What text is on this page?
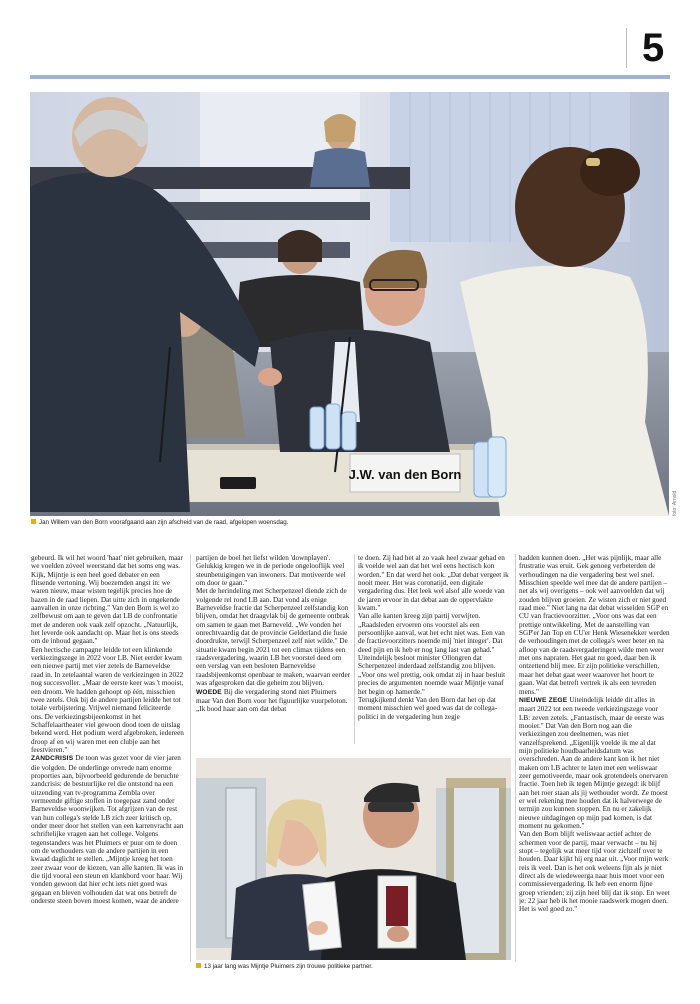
5
J.W. van den Born
foto: Arnold
Jan Willem van den Born voorafgaand aan zijn afscheid van de raad, afgelopen woensdag.

gebeurd. Ik wil het woord 'haat' niet gebruiken, maar we voelden zóveel weerstand dat het soms eng was. Kijk, Mijntje is een heel goed debater en een flitsende vertoning. Wij boezemden angst in: we waren nieuw, maar wisten tegelijk precies hoe de hazen in de raad liepen. Dat uitte zich in ongekende aanvallen in onze richting." Van den Born is wel zo zelfbewust om aan te geven dat LB de confrontatie met de anderen ook vaak zelf opzocht. „Natuurlijk, het leverde ook aandacht op. Maar het is ons steeds om de inhoud gegaan."

Een hectische campagne leidde tot een klinkende verkiezingszege in 2022 voor LB. Niet eerder kwam een nieuwe partij met vier zetels de Barneveldse raad in. In zetelaantal waren de verkiezingen in 2022 nog succesvoller. „Maar de eerste keer was 't mooist, een droom. We hadden gehoopt op één, misschien twee zetels. Ook bij de andere partijen leidde het tot totale verbijstering. Vrijwel niemand feliciteerde ons. De verkiezingsbijeenkomst in het Schaffelaartheater viel gewoon dood toen de uitslag bekend werd. Het podium werd afgebroken, iedereen droop af en wij waren met een clubje aan het feestvieren."

ZANDCRISIS De toon was gezet voor de vier jaren die volgden. De onderlinge onvrede nam enorme proporties aan, bijvoorbeeld gedurende de beruchte zandcrisis: de bestuurlijke rel die ontstond na een uitzending van tv-programma Zembla over vermeende giftige stoffen in toegepast zand onder Barneveldse woonwijken. Tot afgrijzen van de rest van hun collega's stelde LB zich zeer kritisch op, onder meer door het stellen van een karrenvracht aan schriftelijke vragen aan het college. Volgens tegenstanders was het Pluimers er puur om te doen om de wethouders van de andere partijen in een kwaad daglicht te stellen. „Mijntje kreeg het toen zeer zwaar voor de kiezen, van alle kanten. Ik was in die tijd vooral een steun en klankbord voor haar. Wij vonden gewoon dat hier echt iets niet goed was gegaan en bleven volhouden dat wat ons betreft de onderste steen boven moest komen, waar de andere

partijen de boel het liefst wilden 'downplayen'. Gelukkig kregen we in de periode ongelooflijk veel steunbetuigingen van inwoners. Dat motiveerde wel om door te gaan."

Met de herindeling met Scherpenzeel diende zich de volgende rel rond LB aan. Dat vond als enige Barneveldse fractie dat Scherpenzeel zelfstandig kon blijven, omdat het draagvlak bij de gemeente ontbrak om samen te gaan met Barneveld. „We vonden het onrechtvaardig dat de provincie Gelderland die fusie doordrukte, terwijl Scherpenzeel zelf niet wilde." De situatie kwam begin 2021 tot een climax tijdens een raadsvergadering, waarin LB het voorstel deed om een verslag van een besloten Barneveldse raadsbijeenkomst openbaar te maken, waarvan eerder was afgesproken dat die geheim zou blijven.

WOEDE Bij die vergadering stond niet Pluimers maar Van den Born voor het figuurlijke vuurpeloton. „Ik bood haar aan om dat debat

te doen. Zij had het al zo vaak heel zwaar gehad en ik voelde wel aan dat het wel eens hectisch kon worden." En dat werd het ook. „Dat debat vergeet ik nooit meer. Het was coronatijd, een digitale vergadering dus. Het leek wel alsof alle woede van de jaren ervoor in dat debat aan de oppervlakte kwam."

Van alle kanten kreeg zijn partij verwijten. „Raadsleden ervoeren ons voorstel als een persoonlijke aanval, wat het echt niet was. Een van de fractievoorzitters noemde mij 'niet integer'. Dat deed pijn en ik heb er nog lang last van gehad." Uiteindelijk besloot minister Ollongren dat Scherpenzeel inderdaad zelfstandig zou blijven. „Voor ons wel prettig, ook omdat zij in haar besluit precies de argumenten noemde waar Mijntje vanaf het begin op hamerde."

Terugkijkend denkt Van den Born dat het op dat moment misschien wel goed was dat de collega-politici in de vergadering hun zegje

hadden kunnen doen. „Het was pijnlijk, maar alle frustratie was eruit. Gek genoeg verbeterden de verhoudingen na die vergadering best wel snel. Misschien speelde wel mee dat de andere partijen – net als wij overigens – ook wel aanvoelden dat wij zouden blijven groeien. Ze wisten zich er niet goed raad mee." Niet lang na dat debat wisselden SGP en CU van fractievoorzitter. „Voor ons was dat een prettige ontwikkeling. Met de aanstelling van SGP'er Jan Top en CU'er Henk Wiesenekker werden de verhoudingen met de collega's weer beter en na afloop van de raadsvergaderingen wilde men weer met ons napraten. Het gaat nu goed, daar ben ik ontzettend blij mee. Er zijn politieke verschillen, maar het debat gaat weer waarover het hoort te gaan. Wat dat betreft vertrek ik als een tevreden mens."

NIEUWE ZEGE Uiteindelijk leidde dit alles in maart 2022 tot een tweede verkiezingszege voor LB: zeven zetels. „Fantastisch, maar de eerste was mooier." Dat Van den Born nog aan die verkiezingen zou deelnemen, was niet vanzelfsprekend. „Eigenlijk voelde ik me al dat mijn politieke houdbaarheidsdatum was overschreden. Aan de andere kant kon ik het niet maken om LB achter te laten met een weliswaar zeer gemotiveerde, maar ook grotendeels onervaren fractie. Toen heb ik tegen Mijntje gezegd: ik blijf aan het roer staan als jij wethouder wordt. Ze moest er wel rekening mee houden dat ik halverwege de termijn zou kunnen stoppen. En nu er zakelijk nieuwe uitdagingen op mijn pad komen, is dat moment nu gekomen."

Van den Born blijft weliswaar actief achter de schermen voor de partij, maar verwacht – nu hij stopt – tegelijk wat meer tijd voor zichzelf over te houden. Daar kijkt hij erg naar uit. „Voor mijn werk reis ik veel. Dan is het ook weleens fijn als je niet direct als de wiedeweerga naar huis moet voor een commissievergadering. Ik heb een enorm fijne groep vrienden; zij zijn heel blij dat ik stop. En weet je: 22 jaar heb ik het mooie raadswerk mogen doen. Het is wel goed zo."

13 jaar lang was Mijntje Pluimers zijn trouwe politieke partner.
